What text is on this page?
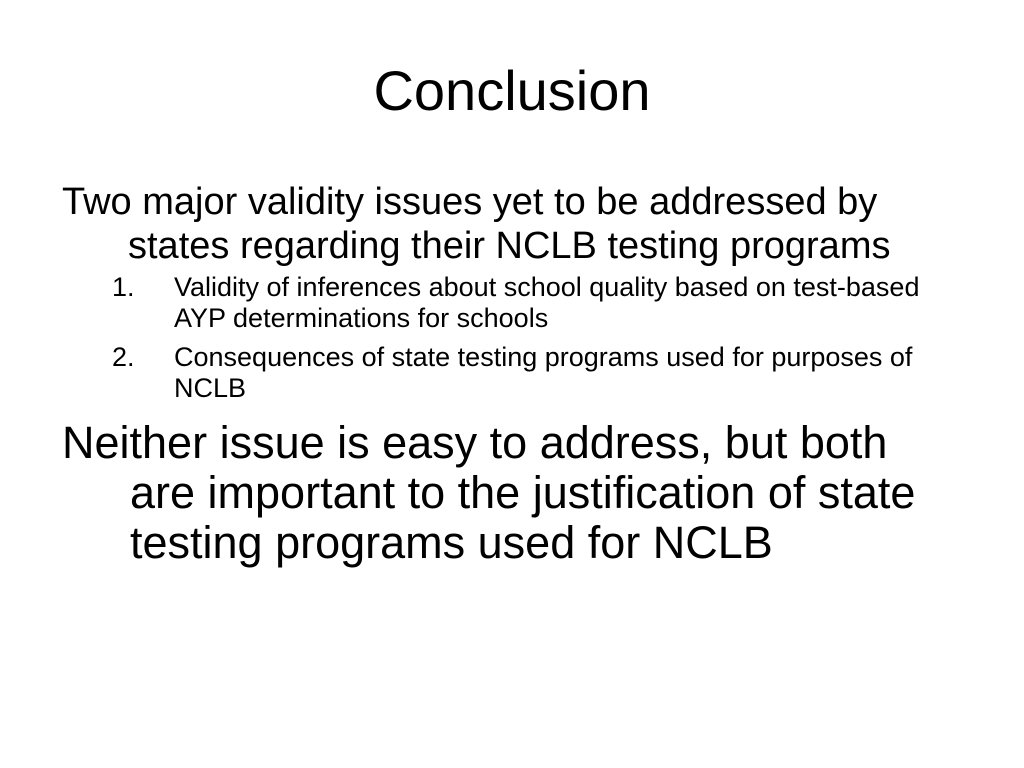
Conclusion

Two major validity issues yet to be addressed by states regarding their NCLB testing programs

1. Validity of inferences about school quality based on test-based AYP determinations for schools
2. Consequences of state testing programs used for purposes of NCLB

Neither issue is easy to address, but both are important to the justification of state testing programs used for NCLB
